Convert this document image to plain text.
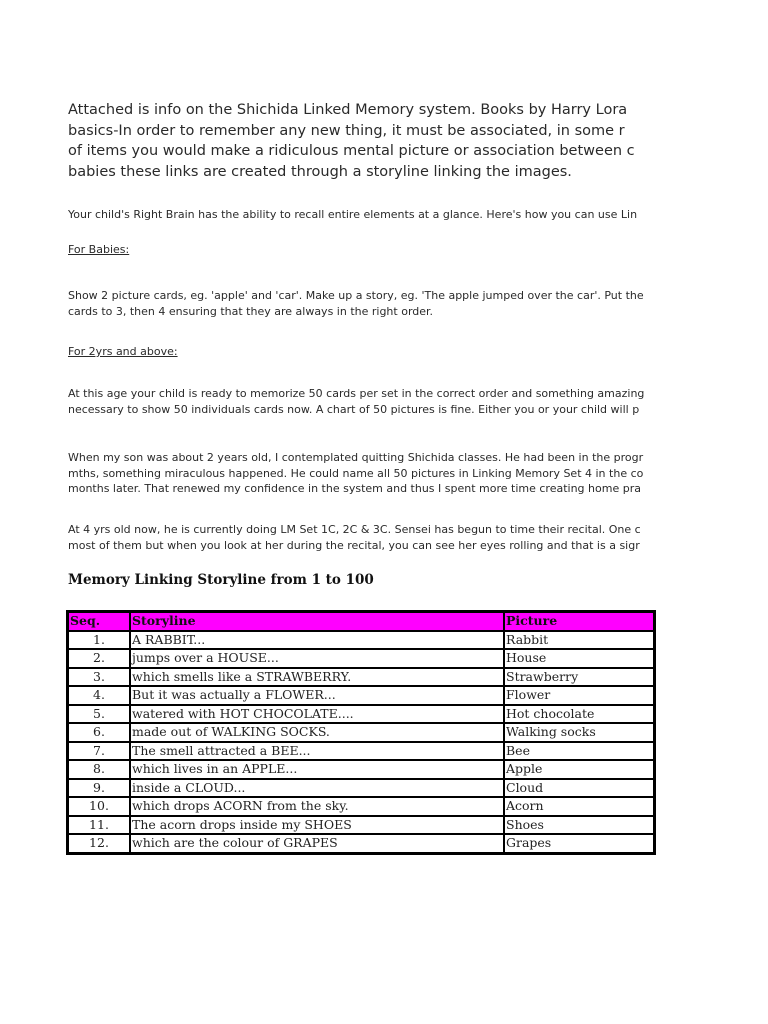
Attached is info on the Shichida Linked Memory system. Books by Harry Lora
basics-In order to remember any new thing, it must be associated, in some r
of items you would make a ridiculous mental picture or association between c
babies these links are created through a storyline linking the images.
Your child's Right Brain has the ability to recall entire elements at a glance. Here's how you can use Lin
For Babies:
Show 2 picture cards, eg. 'apple' and 'car'. Make up a story, eg. 'The apple jumped over the car'. Put the
cards to 3, then 4 ensuring that they are always in the right order.
For 2yrs and above:
At this age your child is ready to memorize 50 cards per set in the correct order and something amazing
necessary to show 50 individuals cards now. A chart of 50 pictures is fine. Either you or your child will p
When my son was about 2 years old, I contemplated quitting Shichida classes. He had been in the progr
mths, something miraculous happened. He could name all 50 pictures in Linking Memory Set 4 in the co
months later. That renewed my confidence in the system and thus I spent more time creating home pra
At 4 yrs old now, he is currently doing LM Set 1C, 2C & 3C. Sensei has begun to time their recital. One c
most of them but when you look at her during the recital, you can see her eyes rolling and that is a sigr
Memory Linking Storyline from 1 to 100
Seq.	Storyline	Picture
1.	A RABBIT...	Rabbit
2.	jumps over a HOUSE...	House
3.	which smells like a STRAWBERRY.	Strawberry
4.	But it was actually a FLOWER...	Flower
5.	watered with HOT CHOCOLATE....	Hot chocolate
6.	made out of WALKING SOCKS.	Walking socks
7.	The smell attracted a BEE...	Bee
8.	which lives in an APPLE...	Apple
9.	inside a CLOUD...	Cloud
10.	which drops ACORN from the sky.	Acorn
11.	The acorn drops inside my SHOES	Shoes
12.	which are the colour of GRAPES	Grapes
